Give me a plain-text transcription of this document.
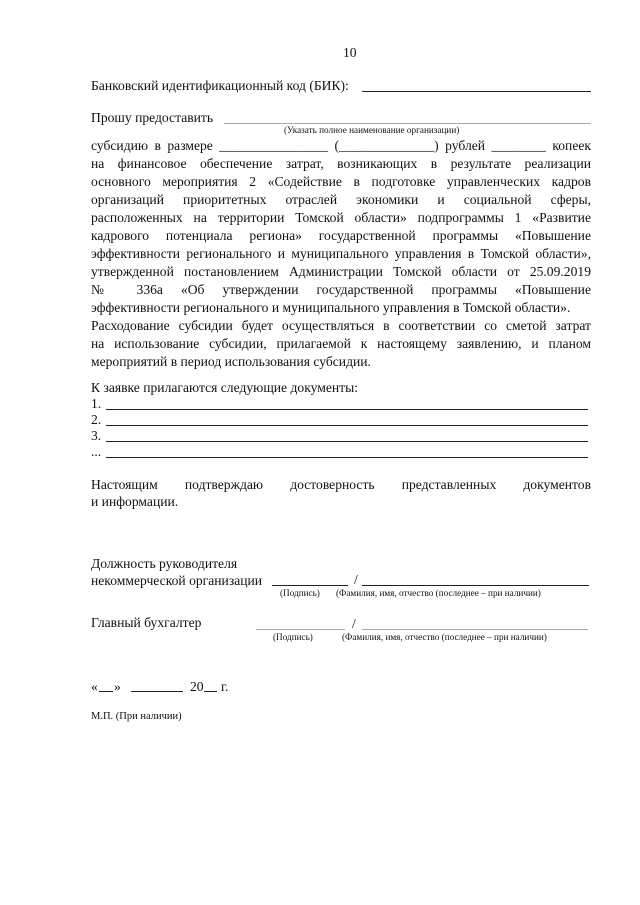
10
Банковский идентификационный код (БИК):
Прошу предоставить
(Указать полное наименование организации)
субсидию в размере ________________ (______________) рублей ________ копеек
на финансовое обеспечение затрат, возникающих в результате реализации
основного мероприятия 2 «Содействие в подготовке управленческих кадров
организаций приоритетных отраслей экономики и социальной сферы,
расположенных на территории Томской области» подпрограммы 1 «Развитие
кадрового потенциала региона» государственной программы «Повышение
эффективности регионального и муниципального управления в Томской области»,
утвержденной постановлением Администрации Томской области от 25.09.2019
№ 336а «Об утверждении государственной программы «Повышение
эффективности регионального и муниципального управления в Томской области».
Расходование субсидии будет осуществляться в соответствии со сметой затрат
на использование субсидии, прилагаемой к настоящему заявлению, и планом
мероприятий в период использования субсидии.
К заявке прилагаются следующие документы:
1.
2.
3.
...
Настоящим подтверждаю достоверность представленных документов
и информации.
Должность руководителя
некоммерческой организации	/
(Подпись) (Фамилия, имя, отчество (последнее – при наличии)
Главный бухгалтер	/
(Подпись)	(Фамилия, имя, отчество (последнее – при наличии)
« »	20 г.
М.П. (При наличии)
